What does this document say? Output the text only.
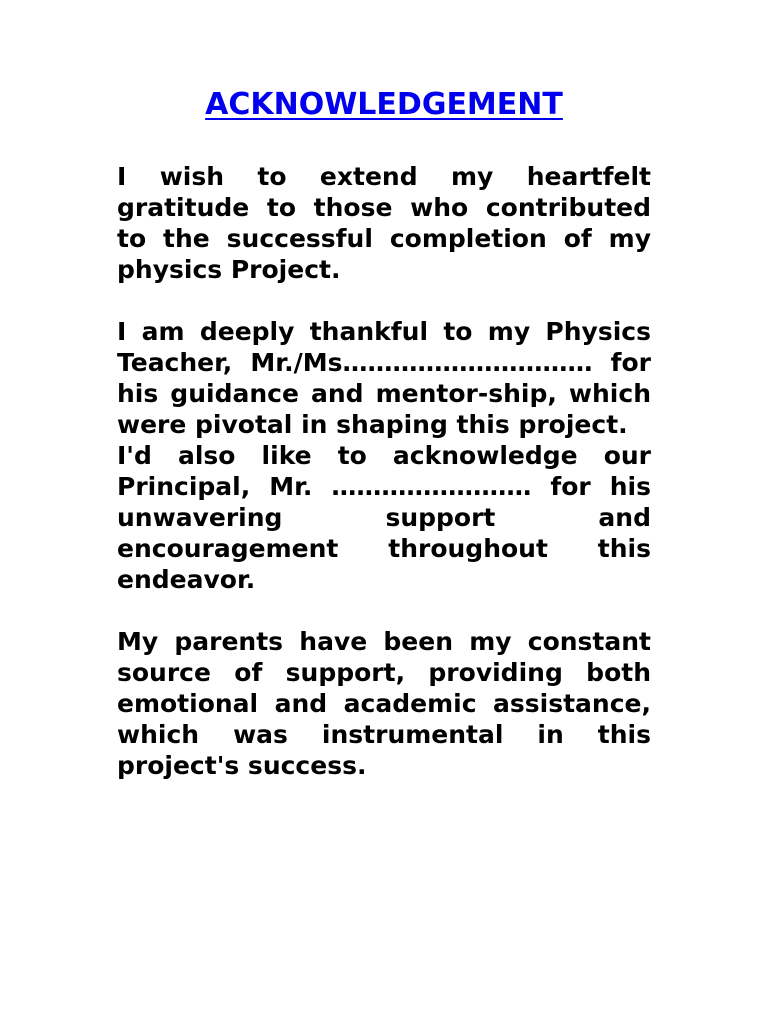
ACKNOWLEDGEMENT

I wish to extend my heartfelt gratitude to those who contributed to the successful completion of my physics Project.

I am deeply thankful to my Physics Teacher, Mr./Ms………………………… for his guidance and mentor-ship, which were pivotal in shaping this project.

I'd also like to acknowledge our Principal, Mr. …………………… for his unwavering support and encouragement throughout this endeavor.

My parents have been my constant source of support, providing both emotional and academic assistance, which was instrumental in this project's success.
